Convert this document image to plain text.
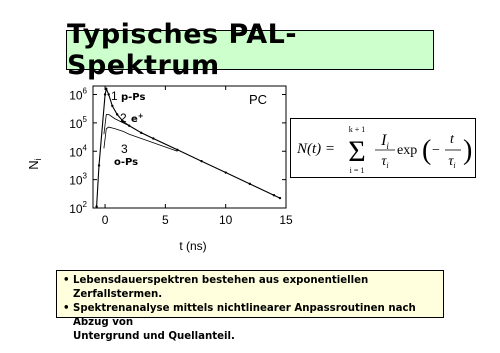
Typisches PAL-Spektrum
$10^2$
$10^3$
$10^4$
$10^5$
$10^6$
0	5	10	15
$N_i$
t (ns)
PC
1 p-Ps
2 e+
3
o-Ps
N(t) =
k + 1
Σ
i = 1
$I_i$
$\tau_i$
exp ( −
t
$\tau_i$ )
• Lebensdauerspektren bestehen aus exponentiellen Zerfallstermen.
• Spektrenanalyse mittels nichtlinearer Anpassroutinen nach Abzug von
Untergrund und Quellanteil.
